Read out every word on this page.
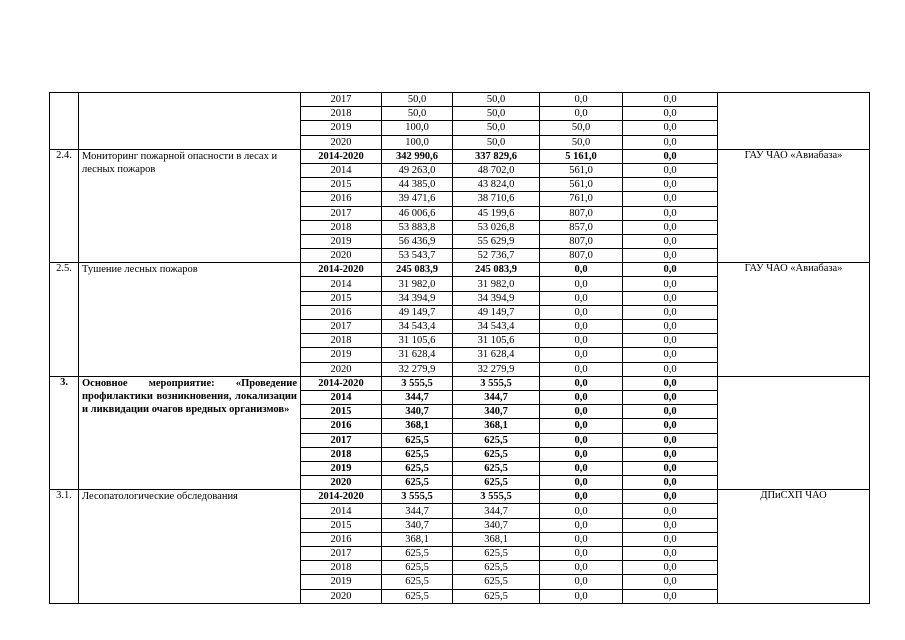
		2017	50,0	50,0	0,0	0,0	
		2018	50,0	50,0	0,0	0,0	
		2019	100,0	50,0	50,0	0,0	
		2020	100,0	50,0	50,0	0,0	
2.4.	Мониторинг пожарной опасности в лесах и лесных пожаров	2014-2020	342 990,6	337 829,6	5 161,0	0,0	ГАУ ЧАО «Авиабаза»
		2014	49 263,0	48 702,0	561,0	0,0	
		2015	44 385,0	43 824,0	561,0	0,0	
		2016	39 471,6	38 710,6	761,0	0,0	
		2017	46 006,6	45 199,6	807,0	0,0	
		2018	53 883,8	53 026,8	857,0	0,0	
		2019	56 436,9	55 629,9	807,0	0,0	
		2020	53 543,7	52 736,7	807,0	0,0	
2.5.	Тушение лесных пожаров	2014-2020	245 083,9	245 083,9	0,0	0,0	ГАУ ЧАО «Авиабаза»
		2014	31 982,0	31 982,0	0,0	0,0	
		2015	34 394,9	34 394,9	0,0	0,0	
		2016	49 149,7	49 149,7	0,0	0,0	
		2017	34 543,4	34 543,4	0,0	0,0	
		2018	31 105,6	31 105,6	0,0	0,0	
		2019	31 628,4	31 628,4	0,0	0,0	
		2020	32 279,9	32 279,9	0,0	0,0	
3.	Основное мероприятие: «Проведение профилактики возникновения, локализации и ликвидации очагов вредных организмов»	2014-2020	3 555,5	3 555,5	0,0	0,0	
		2014	344,7	344,7	0,0	0,0	
		2015	340,7	340,7	0,0	0,0	
		2016	368,1	368,1	0,0	0,0	
		2017	625,5	625,5	0,0	0,0	
		2018	625,5	625,5	0,0	0,0	
		2019	625,5	625,5	0,0	0,0	
		2020	625,5	625,5	0,0	0,0	
3.1.	Лесопатологические обследования	2014-2020	3 555,5	3 555,5	0,0	0,0	ДПиСХП ЧАО
		2014	344,7	344,7	0,0	0,0	
		2015	340,7	340,7	0,0	0,0	
		2016	368,1	368,1	0,0	0,0	
		2017	625,5	625,5	0,0	0,0	
		2018	625,5	625,5	0,0	0,0	
		2019	625,5	625,5	0,0	0,0	
		2020	625,5	625,5	0,0	0,0	
